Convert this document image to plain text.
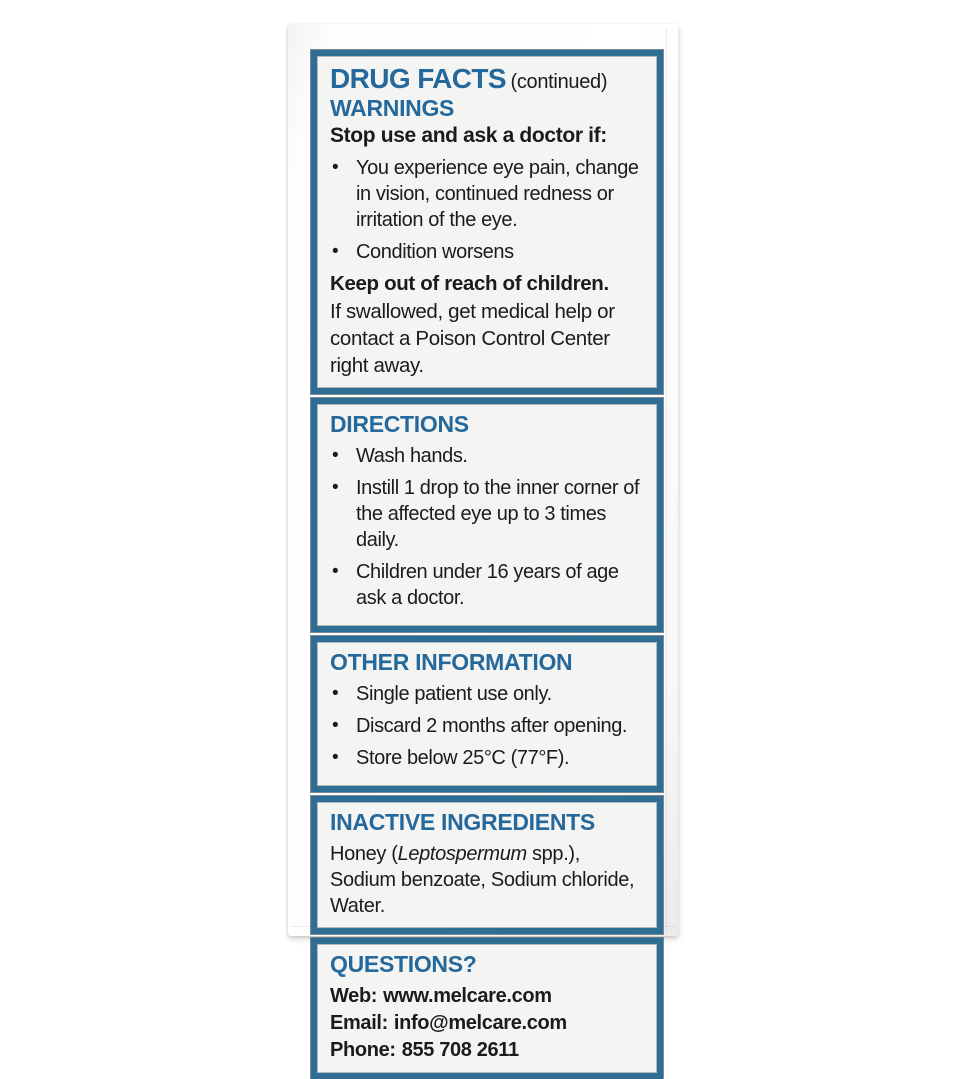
DRUG FACTS (continued)
WARNINGS

Stop use and ask a doctor if:

• You experience eye pain, change in vision, continued redness or irritation of the eye.
• Condition worsens

Keep out of reach of children.

If swallowed, get medical help or contact a Poison Control Center right away.

DIRECTIONS
• Wash hands.
• Instill 1 drop to the inner corner of the affected eye up to 3 times daily.
• Children under 16 years of age ask a doctor.
OTHER INFORMATION
• Single patient use only.
• Discard 2 months after opening.
• Store below 25°C (77°F).
INACTIVE INGREDIENTS

Honey (Leptospermum spp.), Sodium benzoate, Sodium chloride, Water.

QUESTIONS?

Web: www.melcare.com

Email: info@melcare.com

Phone: 855 708 2611
